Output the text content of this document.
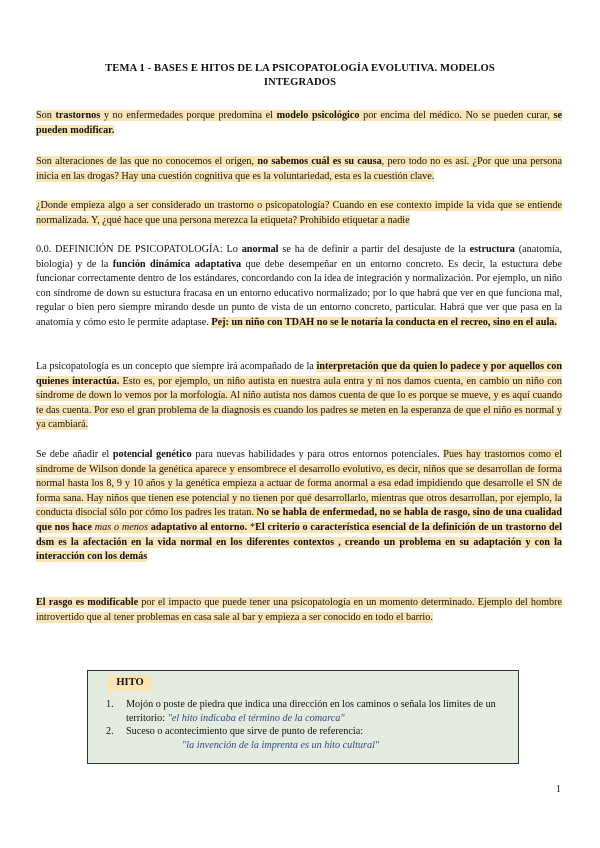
TEMA 1 - BASES E HITOS DE LA PSICOPATOLOGÍA EVOLUTIVA. MODELOS
INTEGRADOS

Son trastornos y no enfermedades porque predomina el modelo psicológico por encima del médico. No se pueden curar, se pueden modificar.

Son alteraciones de las que no conocemos el origen, no sabemos cuál es su causa, pero todo no es así. ¿Por que una persona inicia en las drogas? Hay una cuestión cognitiva que es la voluntariedad, esta es la cuestión clave.

¿Donde empieza algo a ser considerado un trastorno o psicopatología? Cuando en ese contexto impide la vida que se entiende normalizada. Y, ¿qué hace que una persona merezca la etiqueta? Prohibido etiquetar a nadie

0.0. DEFINICIÓN DE PSICOPATOLOGÍA: Lo anormal se ha de definir a partir del desajuste de la estructura (anatomía, biología) y de la función dinámica adaptativa que debe desempeñar en un entorno concreto. Es decir, la estuctura debe funcionar correctamente dentro de los estándares, concordando con la idea de integración y normalización. Por ejemplo, un niño con síndrome de down su estuctura fracasa en un entorno educativo normalizado; por lo que habrá que ver en que funciona mal, regular o bien pero siempre mirando desde un punto de vista de un entorno concreto, particular. Habrá que ver que pasa en la anatomía y cómo esto le permite adaptase. Pej: un niño con TDAH no se le notaría la conducta en el recreo, sino en el aula.

La psicopatología es un concepto que siempre irá acompañado de la interpretación que da quien lo padece y por aquellos con quienes interactúa. Esto es, por ejemplo, un niño autista en nuestra aula entra y ni nos damos cuenta, en cambio un niño con síndrome de down lo vemos por la morfología. Al niño autista nos damos cuenta de que lo es porque se mueve, y es aquí cuando te das cuenta. Por eso el gran problema de la diagnosis es cuando los padres se meten en la esperanza de que el niño es normal y ya cambiará.

Se debe añadir el potencial genético para nuevas habilidades y para otros entornos potenciales. Pues hay trastornos como el síndrome de Wilson donde la genética aparece y ensombrece el desarrollo evolutivo, es decir, niños que se desarrollan de forma normal hasta los 8, 9 y 10 años y la genética empieza a actuar de forma anormal a esa edad impidiendo que desarrolle el SN de forma sana. Hay niños que tienen ese potencial y no tienen por qué desarrollarlo, mientras que otros desarrollan, por ejemplo, la conducta disocial sólo por cómo los padres les tratan. No se habla de enfermedad, no se habla de rasgo, sino de una cualidad que nos hace mas o menos adaptativo al entorno. *El criterio o característica esencial de la definición de un trastorno del dsm es la afectación en la vida normal en los diferentes contextos , creando un problema en su adaptación y con la interacción con los demás

El rasgo es modificable por el impacto que puede tener una psicopatología en un momento determinado. Ejemplo del hombre introvertido que al tener problemas en casa sale al bar y empieza a ser conocido en todo el barrio.

HITO
1. Mojón o poste de piedra que indica una dirección en los caminos o señala los límites de un territorio: "el hito indicaba el término de la comarca"
2. Suceso o acontecimiento que sirve de punto de referencia:
"la invención de la imprenta es un hito cultural"
1
